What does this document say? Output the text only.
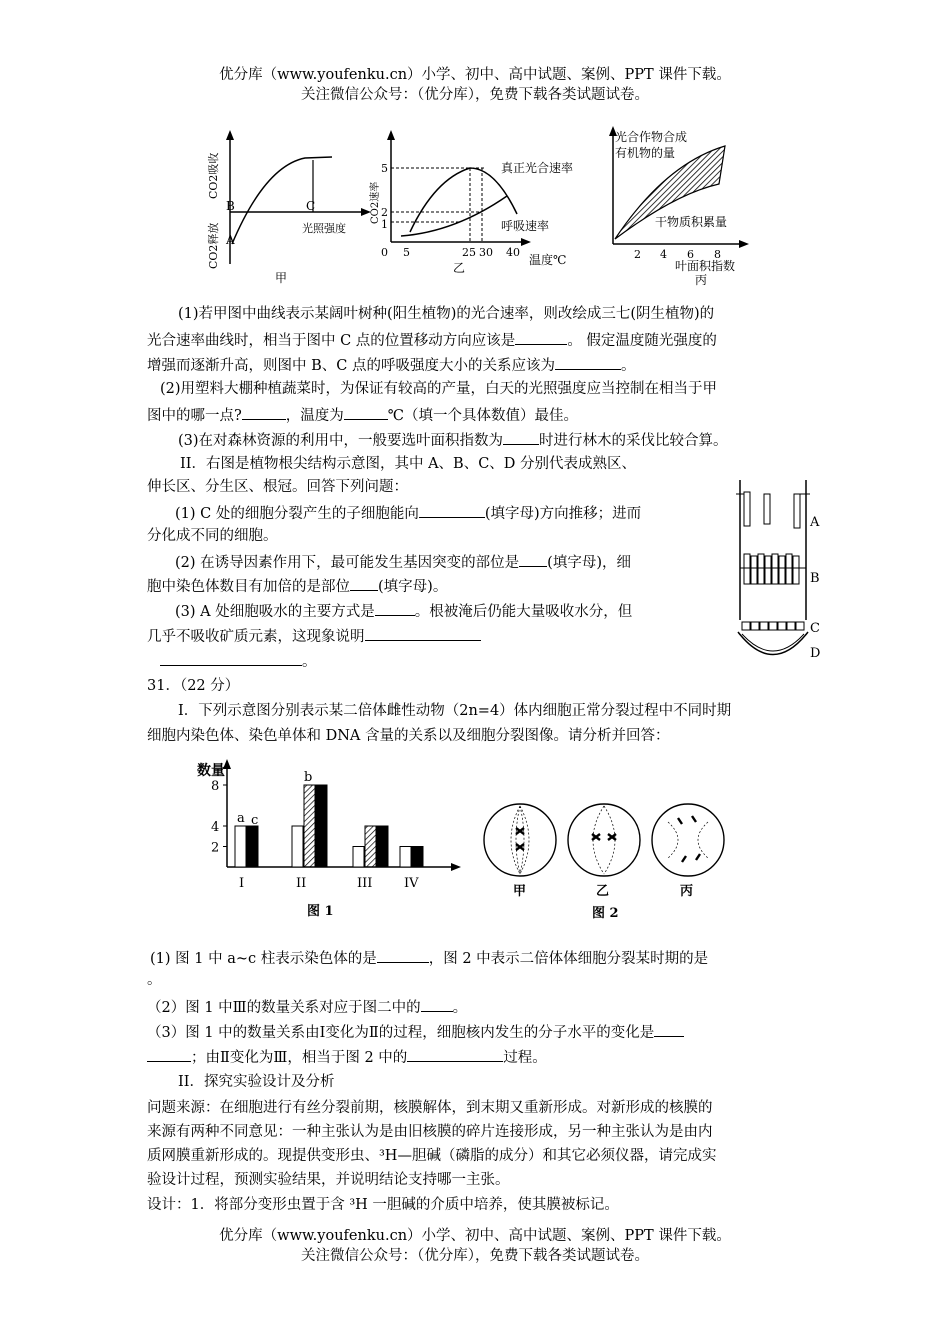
优分库（www.youfenku.cn）小学、初中、高中试题、案例、PPT 课件下载。
关注微信公众号：（优分库），免费下载各类试题试卷。
CO2吸收
CO2释放 A
B	C
光照强度
甲
CO2速率
5
2
1
0 5	25 30 40
真正光合速率
呼吸速率
温度℃
乙
光合作物合成
有机物的量
干物质积累量
2 4 6 8
叶面积指数
丙
(1)若甲图中曲线表示某阔叶树种(阳生植物)的光合速率，则改绘成三七(阴生植物)的
光合速率曲线时，相当于图中 C 点的位置移动方向应该是	。 假定温度随光强度的
增强而逐渐升高，则图中 B、C 点的呼吸强度大小的关系应该为	。
(2)用塑料大棚种植蔬菜时，为保证有较高的产量，白天的光照强度应当控制在相当于甲
图中的哪一点?	，温度为	℃（填一个具体数值）最佳。
(3)在对森林资源的利用中，一般要选叶面积指数为 时进行林木的采伐比较合算。
II．右图是植物根尖结构示意图，其中 A、B、C、D 分别代表成熟区、
伸长区、分生区、根冠。回答下列问题：
(1) C 处的细胞分裂产生的子细胞能向	(填字母)方向推移；进而
分化成不同的细胞。
(2) 在诱导因素作用下，最可能发生基因突变的部位是 (填字母)，细
胞中染色体数目有加倍的是部位 (填字母)。
(3) A 处细胞吸水的主要方式是	。根被淹后仍能大量吸收水分，但
几乎不吸收矿质元素，这现象说明
。
A
B
C
D
31．（22 分）
I．下列示意图分别表示某二倍体雌性动物（2n=4）体内细胞正常分裂过程中不同时期
细胞内染色体、染色单体和 DNA 含量的关系以及细胞分裂图像。请分析并回答：
数量
图 1
2
4
8
I	II	III IV
a
b
c
甲	乙	丙
图 2
(1) 图 1 中 a~c 柱表示染色体的是	，图 2 中表示二倍体体细胞分裂某时期的是
。
（2）图 1 中Ⅲ的数量关系对应于图二中的 。
（3）图 1 中的数量关系由Ⅰ变化为Ⅱ的过程，细胞核内发生的分子水平的变化是
；由Ⅱ变化为Ⅲ，相当于图 2 中的	过程。
II．探究实验设计及分析
问题来源：在细胞进行有丝分裂前期，核膜解体，到末期又重新形成。对新形成的核膜的
来源有两种不同意见：一种主张认为是由旧核膜的碎片连接形成，另一种主张认为是由内
质网膜重新形成的。现提供变形虫、³H—胆碱（磷脂的成分）和其它必须仪器，请完成实
验设计过程，预测实验结果，并说明结论支持哪一主张。
设计：1．将部分变形虫置于含 ³H 一胆碱的介质中培养，使其膜被标记。
优分库（www.youfenku.cn）小学、初中、高中试题、案例、PPT 课件下载。
关注微信公众号：（优分库），免费下载各类试题试卷。
